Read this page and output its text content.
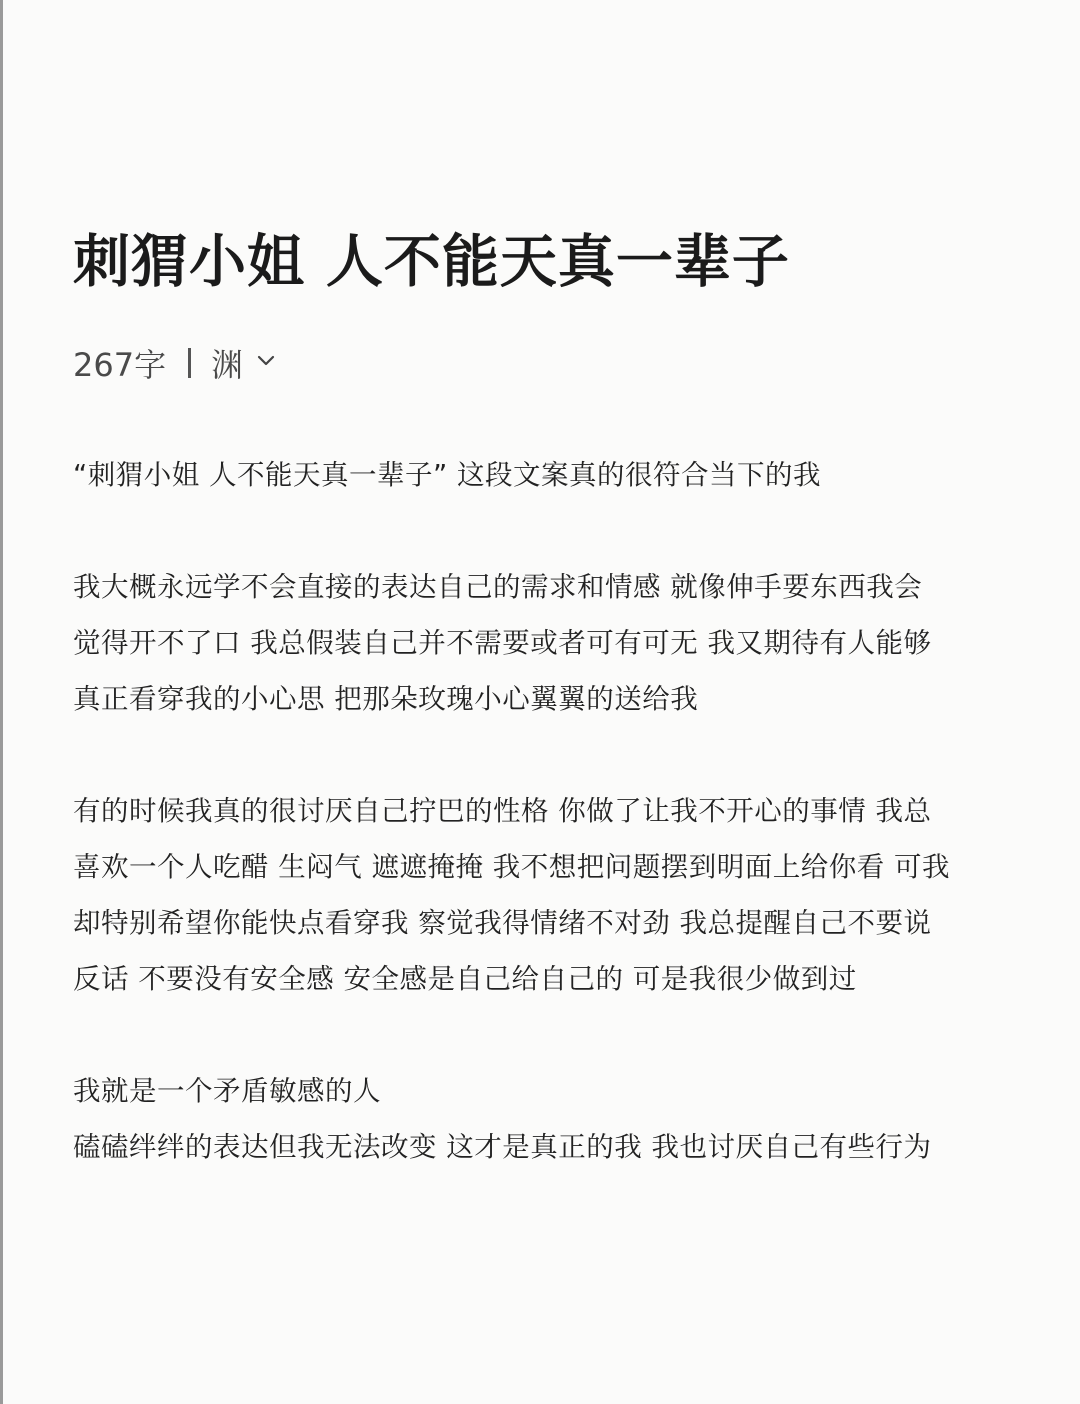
刺猬小姐 人不能天真一辈子
267字 渊

“刺猬小姐 人不能天真一辈子” 这段文案真的很符合当下的我

我大概永远学不会直接的表达自己的需求和情感 就像伸手要东西我会
觉得开不了口 我总假装自己并不需要或者可有可无 我又期待有人能够
真正看穿我的小心思 把那朵玫瑰小心翼翼的送给我

有的时候我真的很讨厌自己拧巴的性格 你做了让我不开心的事情 我总
喜欢一个人吃醋 生闷气 遮遮掩掩 我不想把问题摆到明面上给你看 可我
却特别希望你能快点看穿我 察觉我得情绪不对劲 我总提醒自己不要说
反话 不要没有安全感 安全感是自己给自己的 可是我很少做到过

我就是一个矛盾敏感的人
磕磕绊绊的表达但我无法改变 这才是真正的我 我也讨厌自己有些行为
